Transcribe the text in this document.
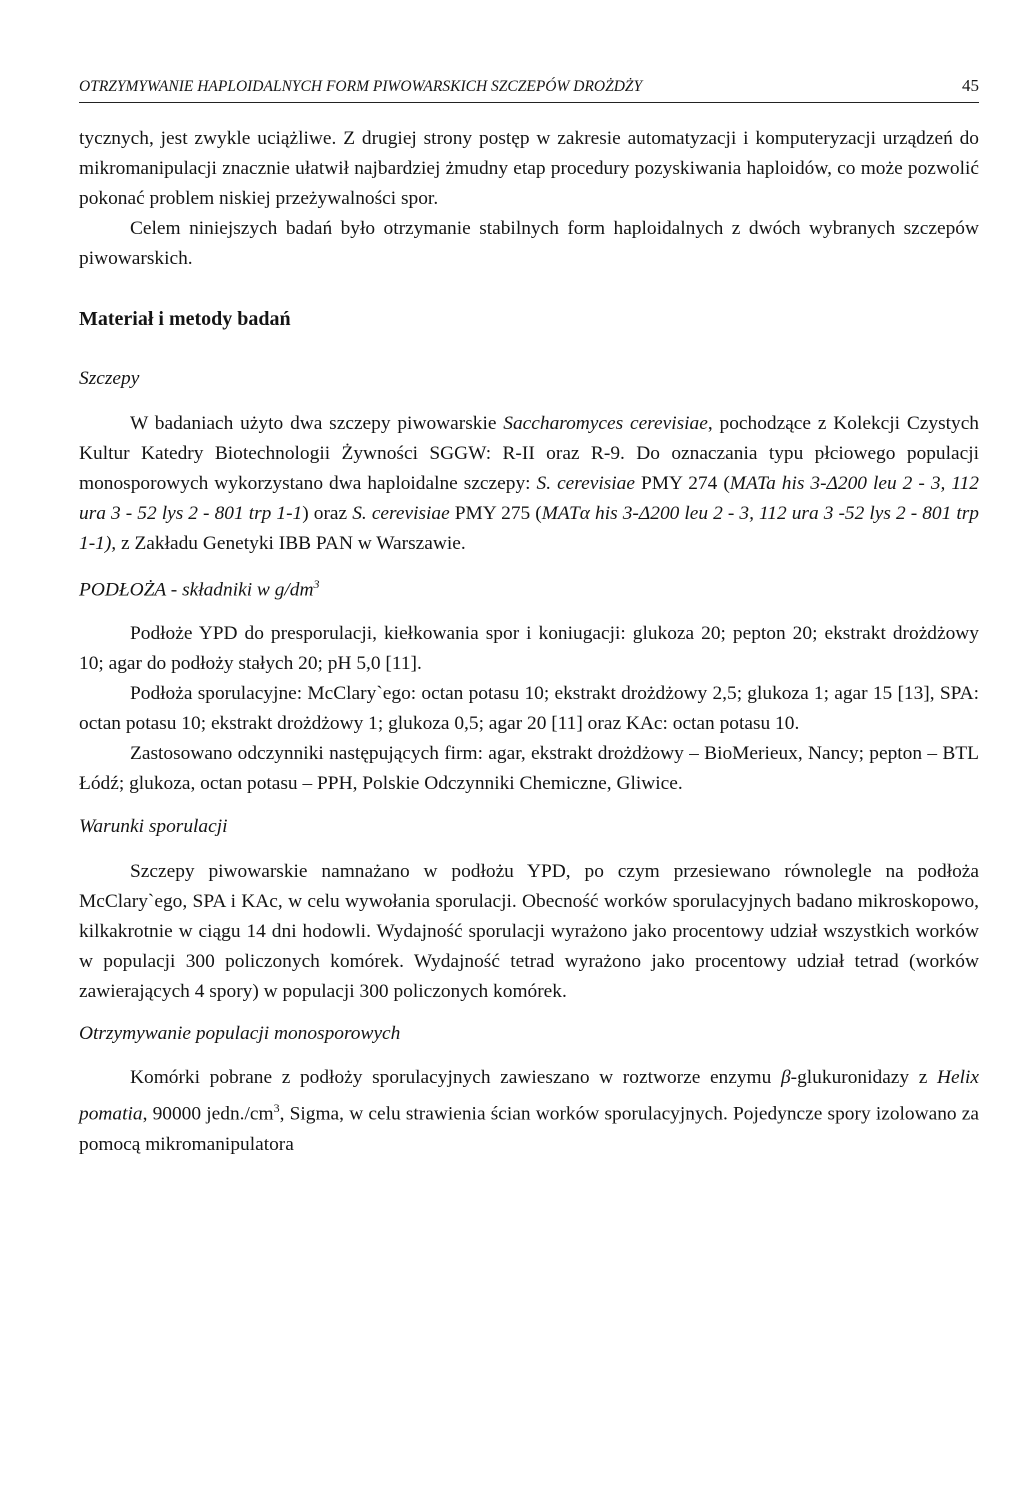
OTRZYMYWANIE HAPLOIDALNYCH FORM PIWOWARSKICH SZCZEPÓW DROŻDŻY	45

tycznych, jest zwykle uciążliwe. Z drugiej strony postęp w zakresie automatyzacji i komputeryzacji urządzeń do mikromanipulacji znacznie ułatwił najbardziej żmudny etap procedury pozyskiwania haploidów, co może pozwolić pokonać problem niskiej przeżywalności spor.

Celem niniejszych badań było otrzymanie stabilnych form haploidalnych z dwóch wybranych szczepów piwowarskich.

Materiał i metody badań
Szczepy

W badaniach użyto dwa szczepy piwowarskie Saccharomyces cerevisiae, pochodzące z Kolekcji Czystych Kultur Katedry Biotechnologii Żywności SGGW: R-II oraz R-9. Do oznaczania typu płciowego populacji monosporowych wykorzystano dwa haploidalne szczepy: S. cerevisiae PMY 274 (MATa his 3-Δ200 leu 2 - 3, 112 ura 3 - 52 lys 2 - 801 trp 1-1) oraz S. cerevisiae PMY 275 (MATα his 3-Δ200 leu 2 - 3, 112 ura 3 -52 lys 2 - 801 trp 1-1), z Zakładu Genetyki IBB PAN w Warszawie.

PODŁOŻA - składniki w $g/dm^3$

Podłoże YPD do presporulacji, kiełkowania spor i koniugacji: glukoza 20; pepton 20; ekstrakt drożdżowy 10; agar do podłoży stałych 20; pH 5,0 [11].

Podłoża sporulacyjne: McClary`ego: octan potasu 10; ekstrakt drożdżowy 2,5; glukoza 1; agar 15 [13], SPA: octan potasu 10; ekstrakt drożdżowy 1; glukoza 0,5; agar 20 [11] oraz KAc: octan potasu 10.

Zastosowano odczynniki następujących firm: agar, ekstrakt drożdżowy – BioMerieux, Nancy; pepton – BTL Łódź; glukoza, octan potasu – PPH, Polskie Odczynniki Chemiczne, Gliwice.

Warunki sporulacji

Szczepy piwowarskie namnażano w podłożu YPD, po czym przesiewano równolegle na podłoża McClary`ego, SPA i KAc, w celu wywołania sporulacji. Obecność worków sporulacyjnych badano mikroskopowo, kilkakrotnie w ciągu 14 dni hodowli. Wydajność sporulacji wyrażono jako procentowy udział wszystkich worków w populacji 300 policzonych komórek. Wydajność tetrad wyrażono jako procentowy udział tetrad (worków zawierających 4 spory) w populacji 300 policzonych komórek.

Otrzymywanie populacji monosporowych

Komórki pobrane z podłoży sporulacyjnych zawieszano w roztworze enzymu β-glukuronidazy z Helix pomatia, 90000 $jedn./cm^3$, Sigma, w celu strawienia ścian worków sporulacyjnych. Pojedyncze spory izolowano za pomocą mikromanipulatora
